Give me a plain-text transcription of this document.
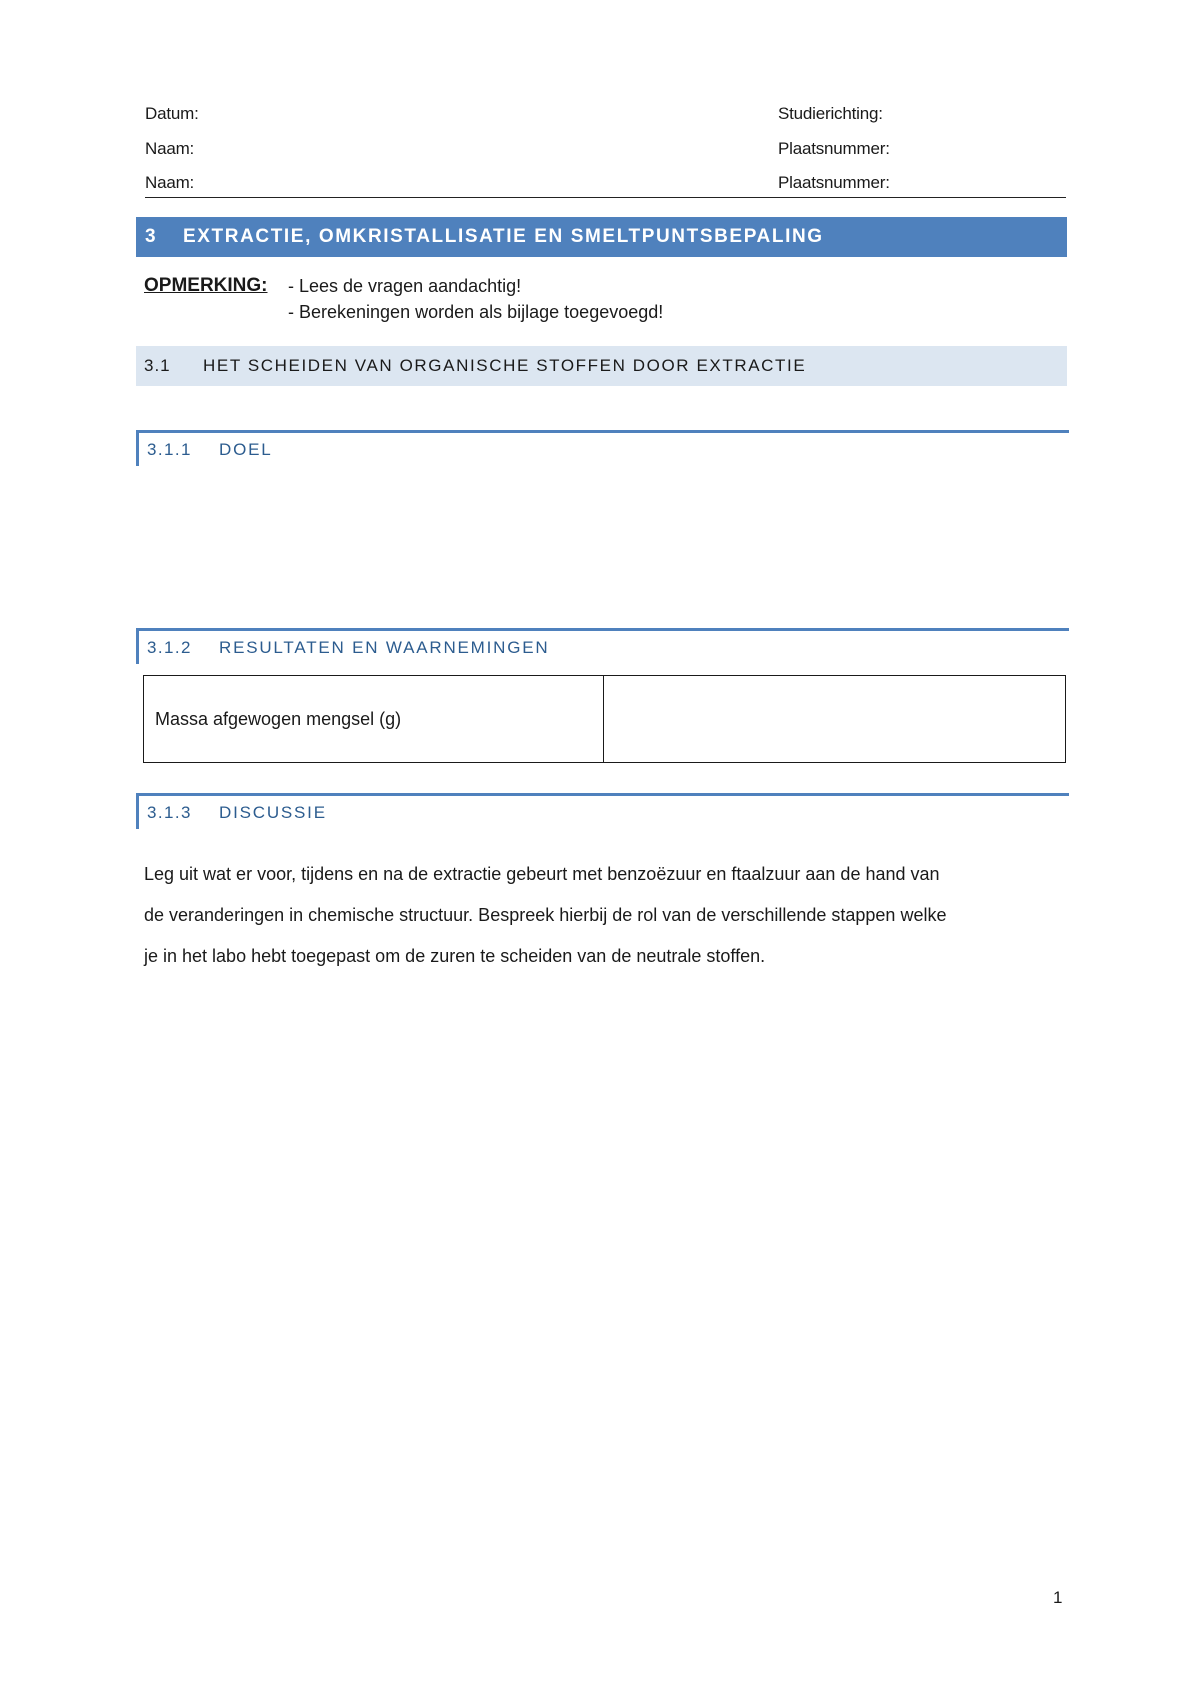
Datum:
Naam:
Naam:
Studierichting:
Plaatsnummer:
Plaatsnummer:
3	EXTRACTIE, OMKRISTALLISATIE EN SMELTPUNTSBEPALING
OPMERKING: - Lees de vragen aandachtig!
- Berekeningen worden als bijlage toegevoegd!
3.1	HET SCHEIDEN VAN ORGANISCHE STOFFEN DOOR EXTRACTIE
3.1.1	DOEL
3.1.2	RESULTATEN EN WAARNEMINGEN
Massa afgewogen mengsel (g)	
3.1.3	DISCUSSIE
Leg uit wat er voor, tijdens en na de extractie gebeurt met benzoëzuur en ftaalzuur aan de hand van
de veranderingen in chemische structuur. Bespreek hierbij de rol van de verschillende stappen welke
je in het labo hebt toegepast om de zuren te scheiden van de neutrale stoffen.
1
